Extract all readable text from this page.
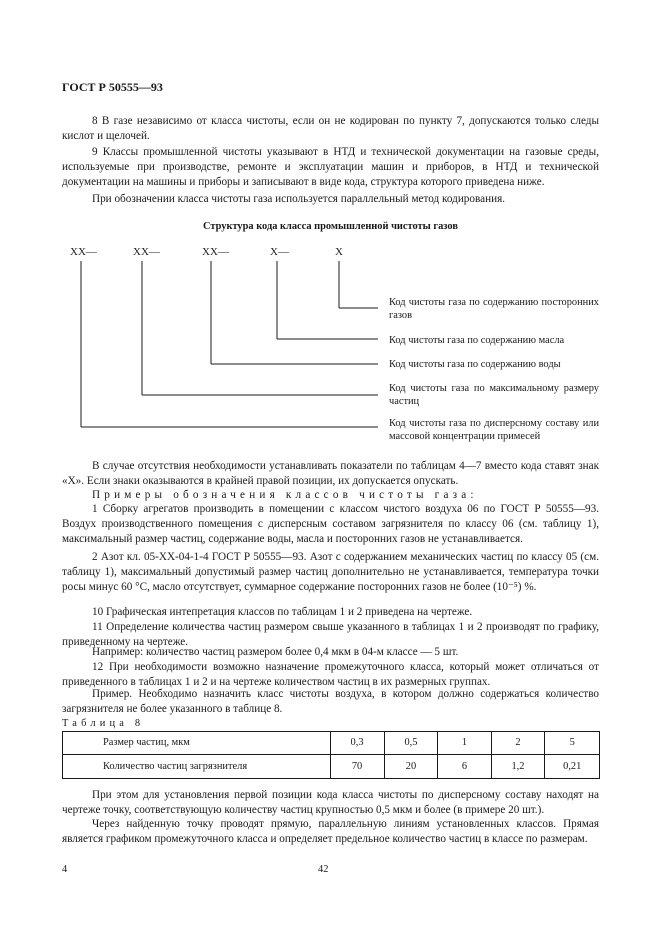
ГОСТ Р 50555—93
8 В газе независимо от класса чистоты, если он не кодирован по пункту 7, допускаются только следы кислот и щелочей.
9 Классы промышленной чистоты указывают в НТД и технической документации на газовые среды, используемые при производстве, ремонте и эксплуатации машин и приборов, в НТД и технической документации на машины и приборы и записывают в виде кода, структура которого приведена ниже.
При обозначении класса чистоты газа используется параллельный метод кодирования.
Структура кода класса промышленной чистоты газов
XX—	XX—	XX—	X—	X
Код чистоты газа по содержанию посторонних газов
Код чистоты газа по содержанию масла
Код чистоты газа по содержанию воды
Код чистоты газа по максимальному размеру частиц
Код чистоты газа по дисперсному составу или массовой концентрации примесей
В случае отсутствия необходимости устанавливать показатели по таблицам 4—7 вместо кода ставят знак «X». Если знаки оказываются в крайней правой позиции, их допускается опускать.
Примеры обозначения классов чистоты газа:
1 Сборку агрегатов производить в помещении с классом чистого воздуха 06 по ГОСТ Р 50555—93. Воздух производственного помещения с дисперсным составом загрязнителя по классу 06 (см. таблицу 1), максимальный размер частиц, содержание воды, масла и посторонних газов не устанавливается.
2 Азот кл. 05-XX-04-1-4 ГОСТ Р 50555—93. Азот с содержанием механических частиц по классу 05 (см. таблицу 1), максимальный допустимый размер частиц дополнительно не устанавливается, температура точки росы минус 60 °С, масло отсутствует, суммарное содержание посторонних газов не более (10⁻⁵) %.
10 Графическая интепретация классов по таблицам 1 и 2 приведена на чертеже.
11 Определение количества частиц размером свыше указанного в таблицах 1 и 2 производят по графику, приведенному на чертеже.
Например: количество частиц размером более 0,4 мкм в 04-м классе — 5 шт.
12 При необходимости возможно назначение промежуточного класса, который может отличаться от приведенного в таблицах 1 и 2 и на чертеже количеством частиц в их размерных группах.
Пример. Необходимо назначить класс чистоты воздуха, в котором должно содержаться количество загрязнителя не более указанного в таблице 8.
Таблица 8
Размер частиц, мкм	0,3	0,5	1	2	5
Количество частиц загрязнителя	70	20	6	1,2	0,21
При этом для установления первой позиции кода класса чистоты по дисперсному составу находят на чертеже точку, соответствующую количеству частиц крупностью 0,5 мкм и более (в примере 20 шт.).
Через найденную точку проводят прямую, параллельную линиям установленных классов. Прямая является графиком промежуточного класса и определяет предельное количество частиц в классе по размерам.
4	42
